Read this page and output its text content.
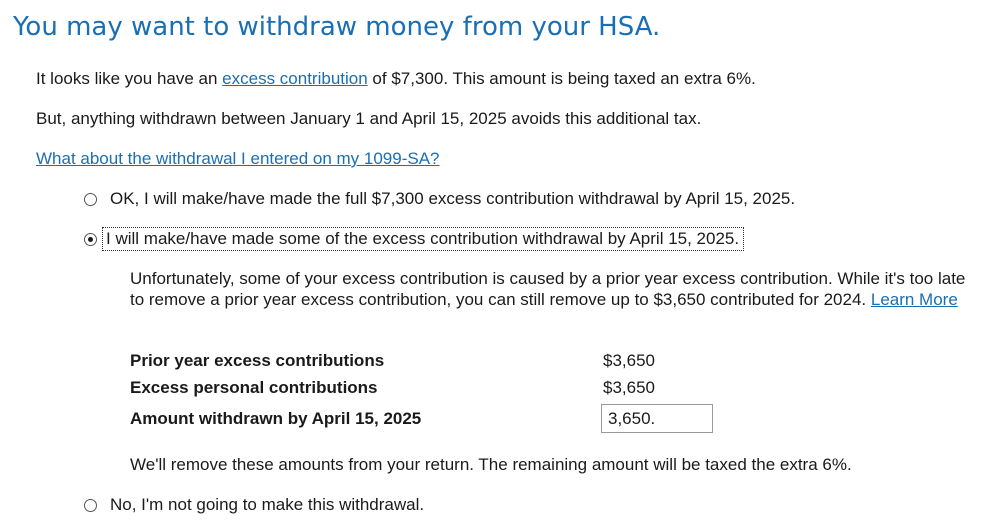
You may want to withdraw money from your HSA.
It looks like you have an excess contribution of $7,300. This amount is being taxed an extra 6%.
But, anything withdrawn between January 1 and April 15, 2025 avoids this additional tax.
What about the withdrawal I entered on my 1099-SA?
OK, I will make/have made the full $7,300 excess contribution withdrawal by April 15, 2025.
I will make/have made some of the excess contribution withdrawal by April 15, 2025.
Unfortunately, some of your excess contribution is caused by a prior year excess contribution. While it's too late to remove a prior year excess contribution, you can still remove up to $3,650 contributed for 2024. Learn More
Prior year excess contributions	$3,650
Excess personal contributions	$3,650
Amount withdrawn by April 15, 2025
3,650.
We'll remove these amounts from your return. The remaining amount will be taxed the extra 6%.
No, I'm not going to make this withdrawal.
